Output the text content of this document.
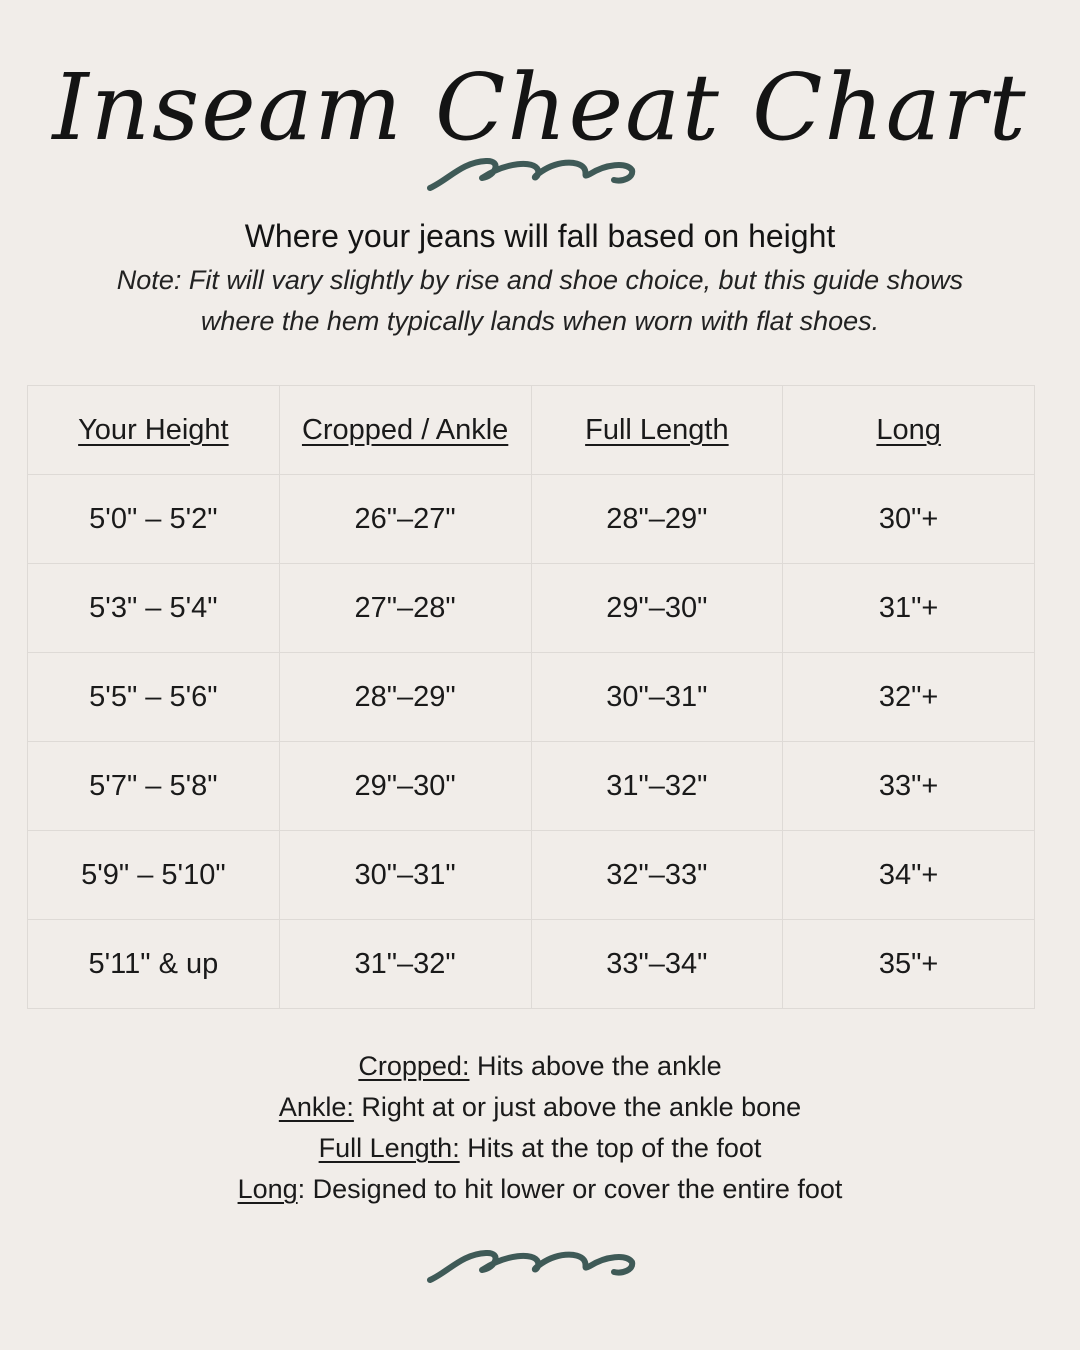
Inseam Cheat Chart

Where your jeans will fall based on height

Note: Fit will vary slightly by rise and shoe choice, but this guide shows where the hem typically lands when worn with flat shoes.

Your Height	Cropped / Ankle	Full Length	Long
5'0" – 5'2"	26"–27"	28"–29"	30"+
5'3" – 5'4"	27"–28"	29"–30"	31"+
5'5" – 5'6"	28"–29"	30"–31"	32"+
5'7" – 5'8"	29"–30"	31"–32"	33"+
5'9" – 5'10"	30"–31"	32"–33"	34"+
5'11" & up	31"–32"	33"–34"	35"+
Cropped: Hits above the ankle
Ankle: Right at or just above the ankle bone
Full Length: Hits at the top of the foot
Long: Designed to hit lower or cover the entire foot
